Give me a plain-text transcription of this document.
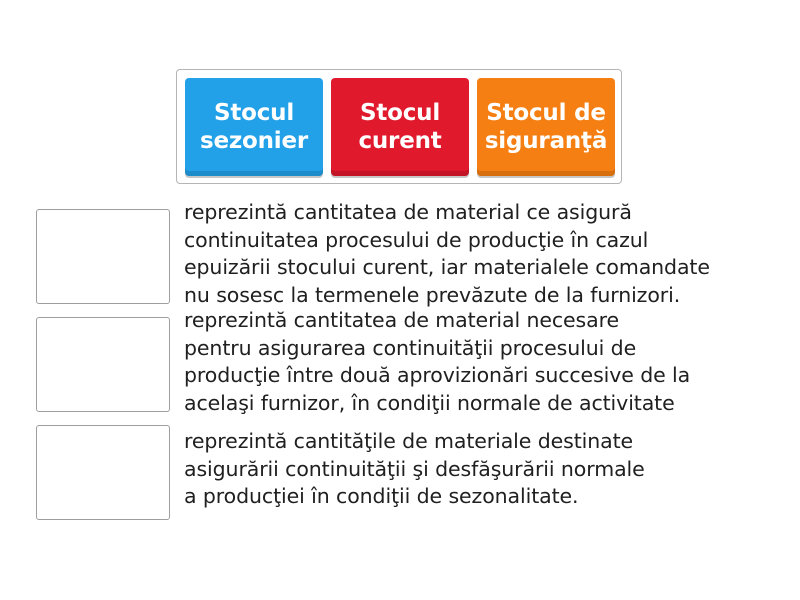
Stocul
sezonier
Stocul
curent
Stocul de
siguranţă
reprezintă cantitatea de material ce asigură
continuitatea procesului de producţie în cazul
epuizării stocului curent, iar materialele comandate
nu sosesc la termenele prevăzute de la furnizori.
reprezintă cantitatea de material necesare
pentru asigurarea continuităţii procesului de
producţie între două aprovizionări succesive de la
acelaşi furnizor, în condiţii normale de activitate
reprezintă cantităţile de materiale destinate
asigurării continuităţii şi desfăşurării normale
a producţiei în condiţii de sezonalitate.
